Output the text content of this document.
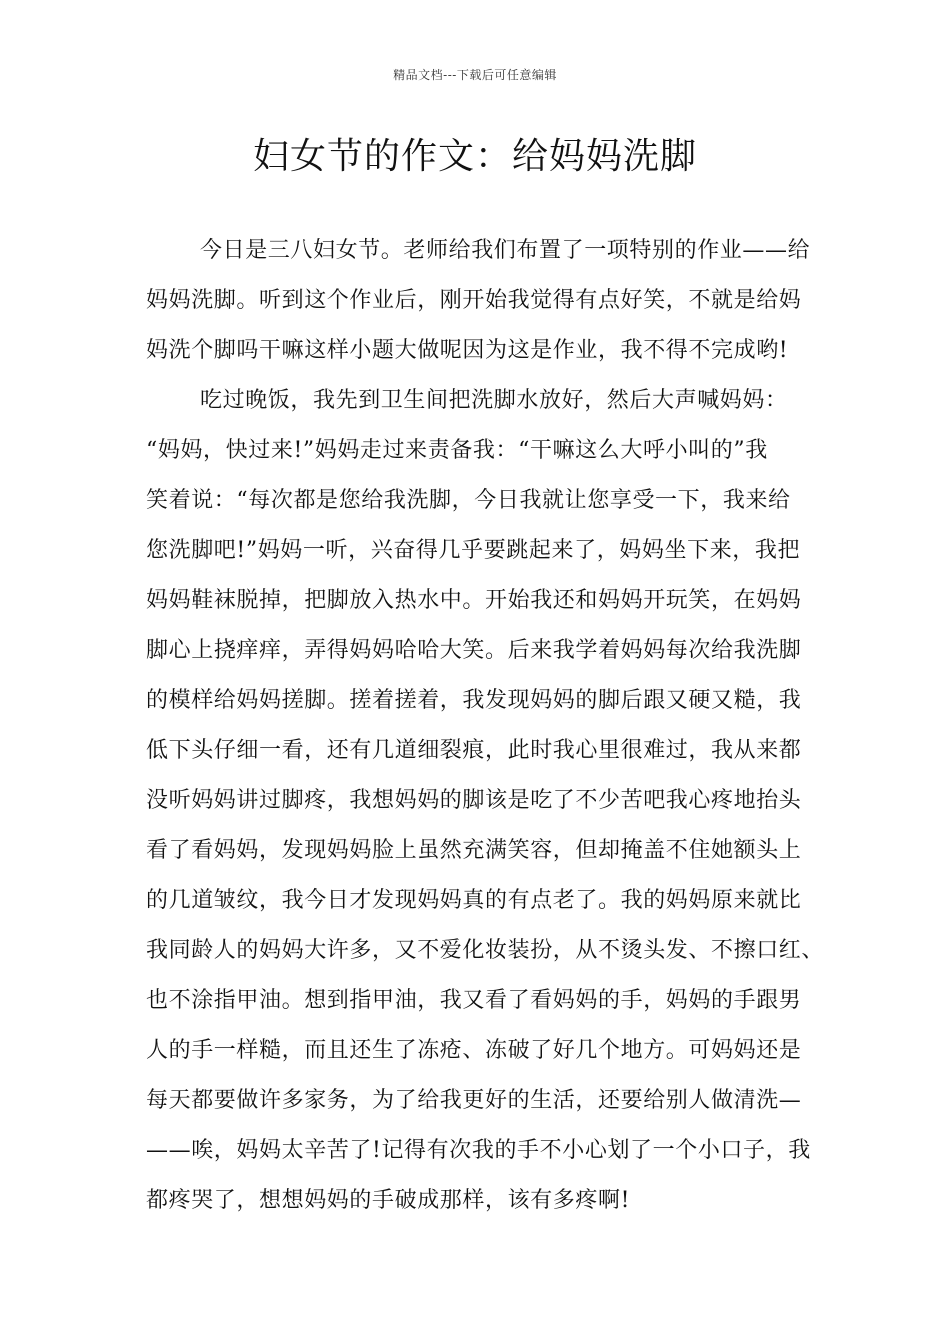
精品文档---下载后可任意编辑
妇女节的作文：给妈妈洗脚
今日是三八妇女节。老师给我们布置了一项特别的作业——给
妈妈洗脚。听到这个作业后，刚开始我觉得有点好笑，不就是给妈
妈洗个脚吗干嘛这样小题大做呢因为这是作业，我不得不完成哟!
吃过晚饭，我先到卫生间把洗脚水放好，然后大声喊妈妈：
“妈妈，快过来!”妈妈走过来责备我：“干嘛这么大呼小叫的”我
笑着说：“每次都是您给我洗脚，今日我就让您享受一下，我来给
您洗脚吧!”妈妈一听，兴奋得几乎要跳起来了，妈妈坐下来，我把
妈妈鞋袜脱掉，把脚放入热水中。开始我还和妈妈开玩笑，在妈妈
脚心上挠痒痒，弄得妈妈哈哈大笑。后来我学着妈妈每次给我洗脚
的模样给妈妈搓脚。搓着搓着，我发现妈妈的脚后跟又硬又糙，我
低下头仔细一看，还有几道细裂痕，此时我心里很难过，我从来都
没听妈妈讲过脚疼，我想妈妈的脚该是吃了不少苦吧我心疼地抬头
看了看妈妈，发现妈妈脸上虽然充满笑容，但却掩盖不住她额头上
的几道皱纹，我今日才发现妈妈真的有点老了。我的妈妈原来就比
我同龄人的妈妈大许多，又不爱化妆装扮，从不烫头发、不擦口红、
也不涂指甲油。想到指甲油，我又看了看妈妈的手，妈妈的手跟男
人的手一样糙，而且还生了冻疮、冻破了好几个地方。可妈妈还是
每天都要做许多家务，为了给我更好的生活，还要给别人做清洗—
——唉，妈妈太辛苦了!记得有次我的手不小心划了一个小口子，我
都疼哭了，想想妈妈的手破成那样，该有多疼啊!
